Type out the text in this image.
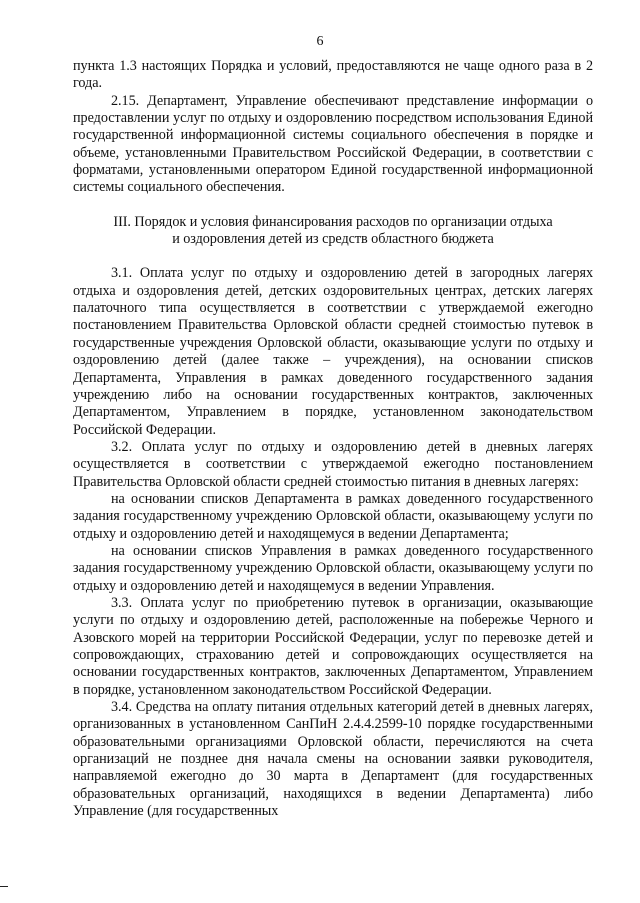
6

пункта 1.3 настоящих Порядка и условий, предоставляются не чаще одного раза в 2 года.

2.15. Департамент, Управление обеспечивают представление информации о предоставлении услуг по отдыху и оздоровлению посредством использования Единой государственной информационной системы социального обеспечения в порядке и объеме, установленными Правительством Российской Федерации, в соответствии с форматами, установленными оператором Единой государственной информационной системы социального обеспечения.

III. Порядок и условия финансирования расходов по организации отдыха

и оздоровления детей из средств областного бюджета

3.1. Оплата услуг по отдыху и оздоровлению детей в загородных лагерях отдыха и оздоровления детей, детских оздоровительных центрах, детских лагерях палаточного типа осуществляется в соответствии с утверждаемой ежегодно постановлением Правительства Орловской области средней стоимостью путевок в государственные учреждения Орловской области, оказывающие услуги по отдыху и оздоровлению детей (далее также – учреждения), на основании списков Департамента, Управления в рамках доведенного государственного задания учреждению либо на основании государственных контрактов, заключенных Департаментом, Управлением в порядке, установленном законодательством Российской Федерации.

3.2. Оплата услуг по отдыху и оздоровлению детей в дневных лагерях осуществляется в соответствии с утверждаемой ежегодно постановлением Правительства Орловской области средней стоимостью питания в дневных лагерях:

на основании списков Департамента в рамках доведенного государственного задания государственному учреждению Орловской области, оказывающему услуги по отдыху и оздоровлению детей и находящемуся в ведении Департамента;

на основании списков Управления в рамках доведенного государственного задания государственному учреждению Орловской области, оказывающему услуги по отдыху и оздоровлению детей и находящемуся в ведении Управления.

3.3. Оплата услуг по приобретению путевок в организации, оказывающие услуги по отдыху и оздоровлению детей, расположенные на побережье Черного и Азовского морей на территории Российской Федерации, услуг по перевозке детей и сопровождающих, страхованию детей и сопровождающих осуществляется на основании государственных контрактов, заключенных Департаментом, Управлением в порядке, установленном законодательством Российской Федерации.

3.4. Средства на оплату питания отдельных категорий детей в дневных лагерях, организованных в установленном СанПиН 2.4.4.2599-10 порядке государственными образовательными организациями Орловской области, перечисляются на счета организаций не позднее дня начала смены на основании заявки руководителя, направляемой ежегодно до 30 марта в Департамент (для государственных образовательных организаций, находящихся в ведении Департамента) либо Управление (для государственных
